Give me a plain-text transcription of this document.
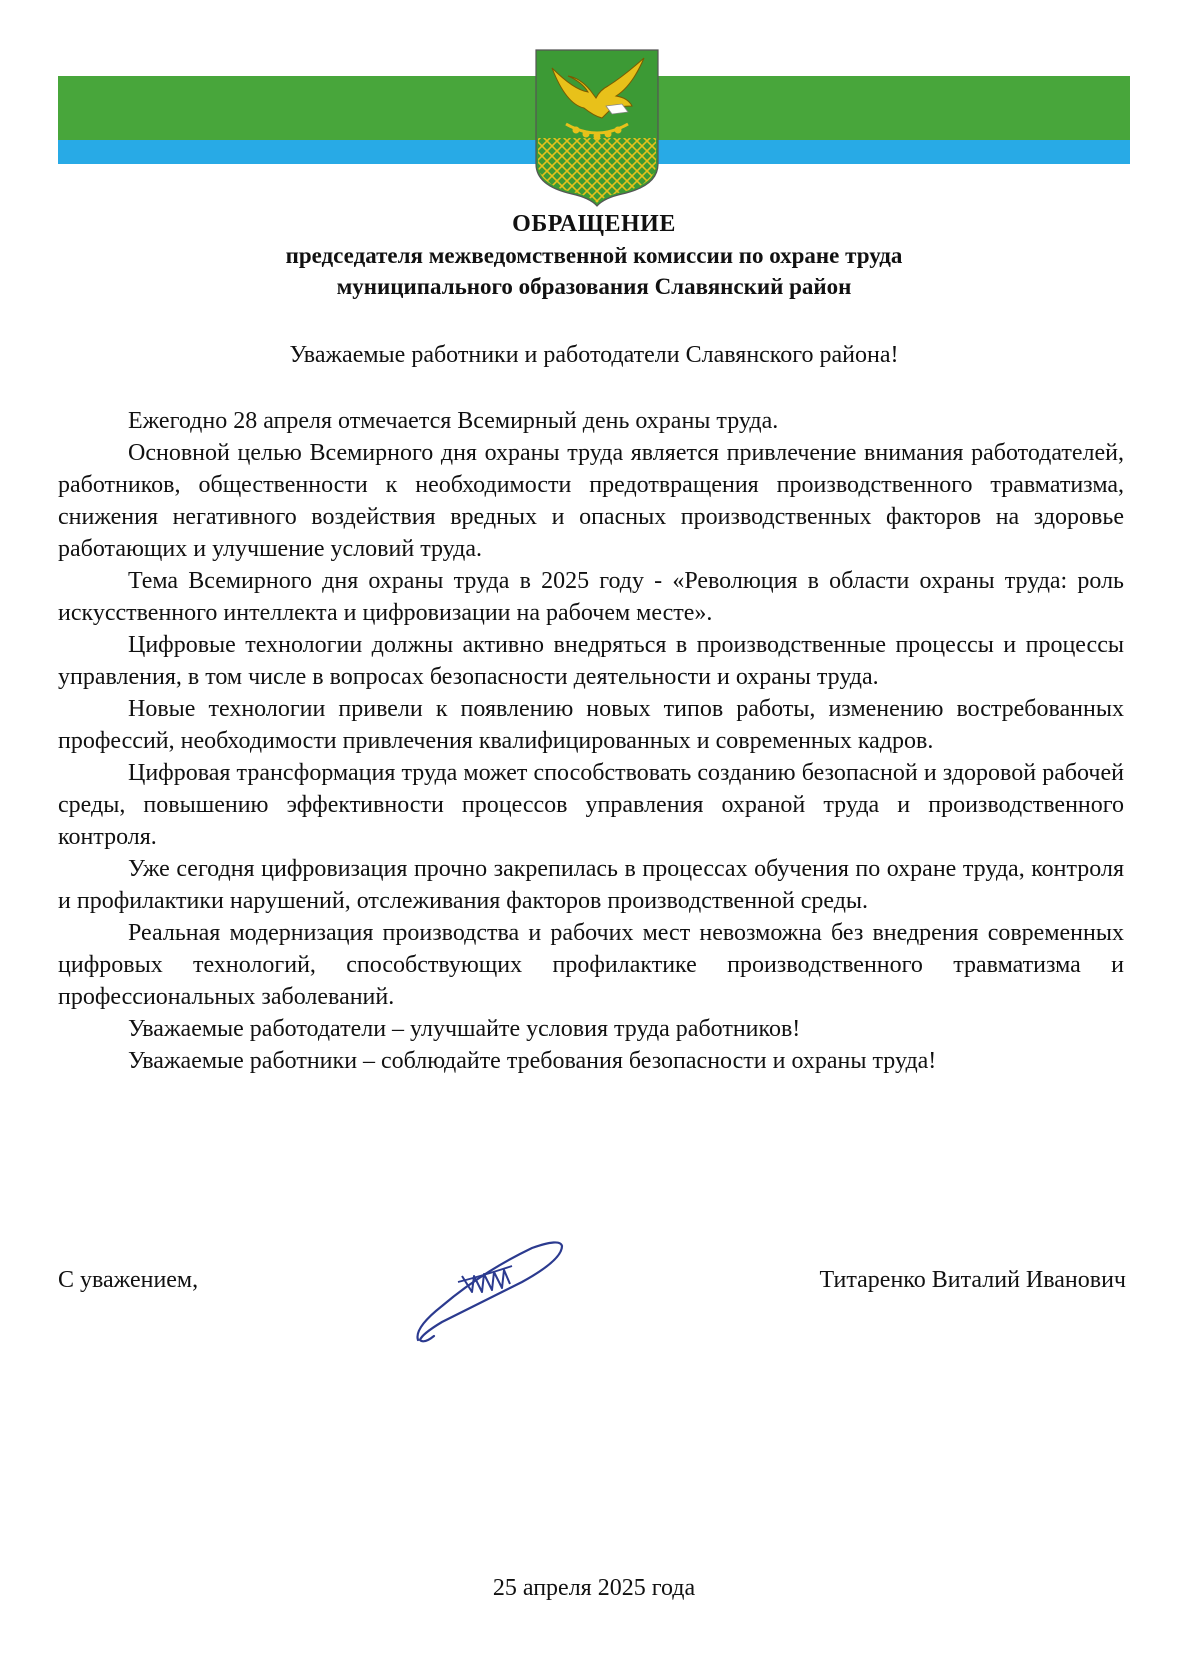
ОБРАЩЕНИЕ
председателя межведомственной комиссии по охране труда
муниципального образования Славянский район
Уважаемые работники и работодатели Славянского района!

Ежегодно 28 апреля отмечается Всемирный день охраны труда.

Основной целью Всемирного дня охраны труда является привлечение внимания работодателей, работников, общественности к необходимости предотвращения производственного травматизма, снижения негативного воздействия вредных и опасных производственных факторов на здоровье работающих и улучшение условий труда.

Тема Всемирного дня охраны труда в 2025 году - «Революция в области охраны труда: роль искусственного интеллекта и цифровизации на рабочем месте».

Цифровые технологии должны активно внедряться в производственные процессы и процессы управления, в том числе в вопросах безопасности деятельности и охраны труда.

Новые технологии привели к появлению новых типов работы, изменению востребованных профессий, необходимости привлечения квалифицированных и современных кадров.

Цифровая трансформация труда может способствовать созданию безопасной и здоровой рабочей среды, повышению эффективности процессов управления охраной труда и производственного контроля.

Уже сегодня цифровизация прочно закрепилась в процессах обучения по охране труда, контроля и профилактики нарушений, отслеживания факторов производственной среды.

Реальная модернизация производства и рабочих мест невозможна без внедрения современных цифровых технологий, способствующих профилактике производственного травматизма и профессиональных заболеваний.

Уважаемые работодатели – улучшайте условия труда работников!

Уважаемые работники – соблюдайте требования безопасности и охраны труда!

С уважением,	Титаренко Виталий Иванович
25 апреля 2025 года
